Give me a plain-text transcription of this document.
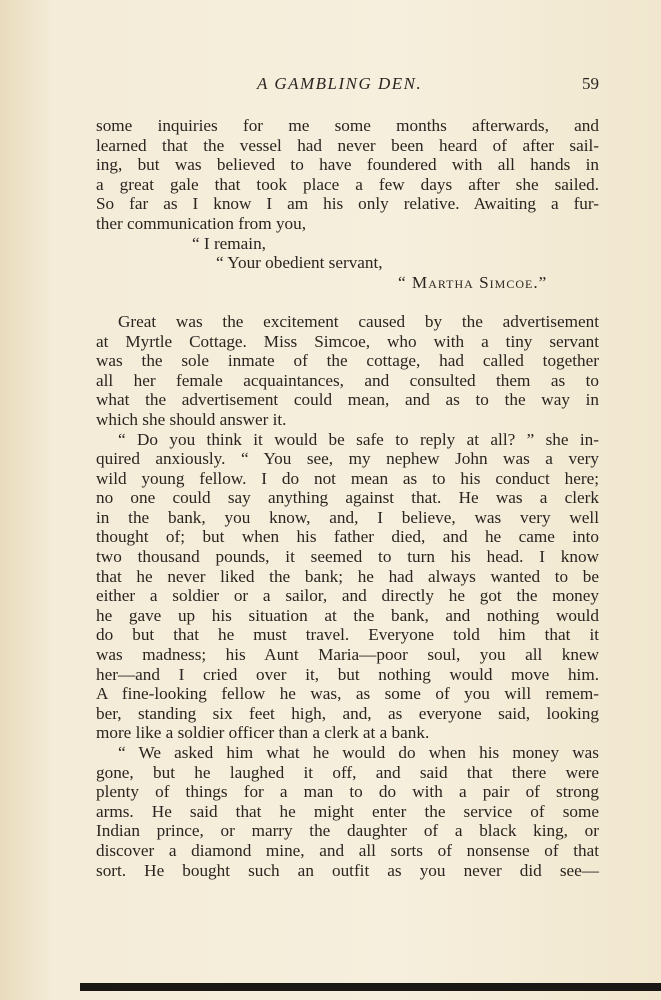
A GAMBLING DEN.	59
some inquiries for me some months afterwards, and
learned that the vessel had never been heard of after sail-
ing, but was believed to have foundered with all hands in
a great gale that took place a few days after she sailed.
So far as I know I am his only relative. Awaiting a fur-
ther communication from you,
“ I remain,
“ Your obedient servant,
“ Martha Simcoe.”
Great was the excitement caused by the advertisement
at Myrtle Cottage. Miss Simcoe, who with a tiny servant
was the sole inmate of the cottage, had called together
all her female acquaintances, and consulted them as to
what the advertisement could mean, and as to the way in
which she should answer it.
“ Do you think it would be safe to reply at all? ” she in-
quired anxiously. “ You see, my nephew John was a very
wild young fellow. I do not mean as to his conduct here;
no one could say anything against that. He was a clerk
in the bank, you know, and, I believe, was very well
thought of; but when his father died, and he came into
two thousand pounds, it seemed to turn his head. I know
that he never liked the bank; he had always wanted to be
either a soldier or a sailor, and directly he got the money
he gave up his situation at the bank, and nothing would
do but that he must travel. Everyone told him that it
was madness; his Aunt Maria—poor soul, you all knew
her—and I cried over it, but nothing would move him.
A fine-looking fellow he was, as some of you will remem-
ber, standing six feet high, and, as everyone said, looking
more like a soldier officer than a clerk at a bank.
“ We asked him what he would do when his money was
gone, but he laughed it off, and said that there were
plenty of things for a man to do with a pair of strong
arms. He said that he might enter the service of some
Indian prince, or marry the daughter of a black king, or
discover a diamond mine, and all sorts of nonsense of that
sort. He bought such an outfit as you never did see—
